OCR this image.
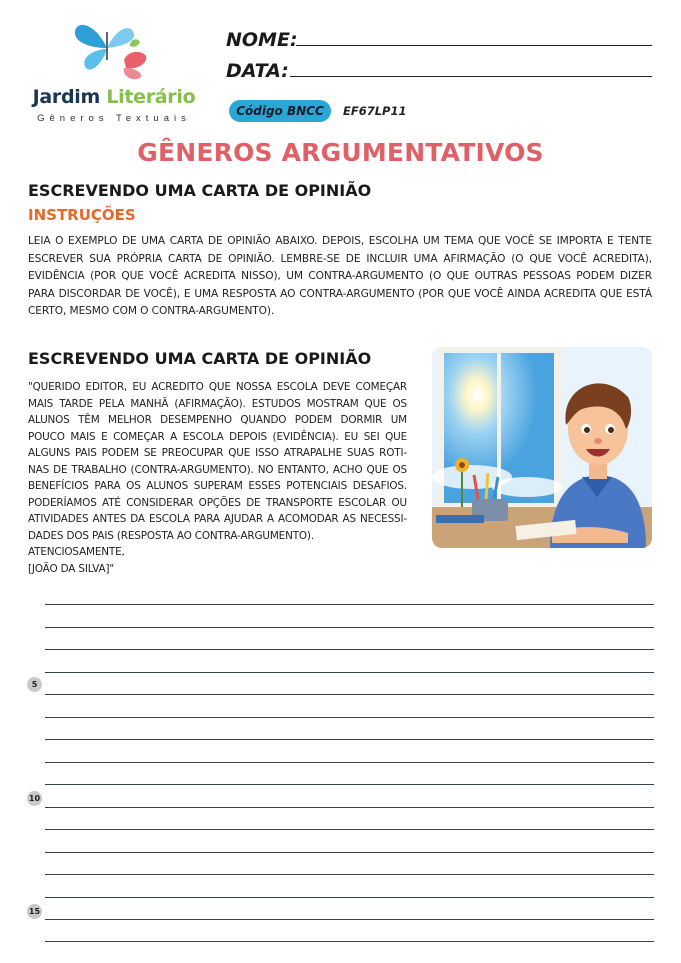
Jardim Literário
Gêneros Textuais
NOME:
DATA:
Código BNCC	EF67LP11
GÊNEROS ARGUMENTATIVOS
ESCREVENDO UMA CARTA DE OPINIÃO
INSTRUÇÕES
LEIA O EXEMPLO DE UMA CARTA DE OPINIÃO ABAIXO. DEPOIS, ESCOLHA UM TEMA QUE VOCÊ SE IMPORTA E TENTE ESCREVER SUA PRÓPRIA CARTA DE OPINIÃO. LEMBRE-SE DE INCLUIR UMA AFIRMAÇÃO (O QUE VOCÊ ACREDITA), EVIDÊNCIA (POR QUE VOCÊ ACREDITA NISSO), UM CONTRA-ARGUMENTO (O QUE OUTRAS PESSOAS PODEM DIZER PARA DISCORDAR DE VOCÊ), E UMA RESPOSTA AO CONTRA-ARGUMENTO (POR QUE VOCÊ AINDA ACREDITA QUE ESTÁ CERTO, MESMO COM O CONTRA-ARGUMENTO).
ESCREVENDO UMA CARTA DE OPINIÃO
"QUERIDO EDITOR, EU ACREDITO QUE NOSSA ESCOLA DEVE COMEÇAR MAIS TARDE PELA MANHÃ (AFIRMAÇÃO). ESTUDOS MOSTRAM QUE OS ALUNOS TÊM MELHOR DESEMPENHO QUANDO PODEM DORMIR UM POUCO MAIS E COMEÇAR A ESCOLA DEPOIS (EVIDÊNCIA). EU SEI QUE ALGUNS PAIS PODEM SE PREOCUPAR QUE ISSO ATRAPALHE SUAS ROTI-NAS DE TRABALHO (CONTRA-ARGUMENTO). NO ENTANTO, ACHO QUE OS BENEFÍCIOS PARA OS ALUNOS SUPERAM ESSES POTENCIAIS DESAFIOS. PODERÍAMOS ATÉ CONSIDERAR OPÇÕES DE TRANSPORTE ESCOLAR OU ATIVIDADES ANTES DA ESCOLA PARA AJUDAR A ACOMODAR AS NECESSI-DADES DOS PAIS (RESPOSTA AO CONTRA-ARGUMENTO).
ATENCIOSAMENTE,
[JOÃO DA SILVA]"
5
10
15
